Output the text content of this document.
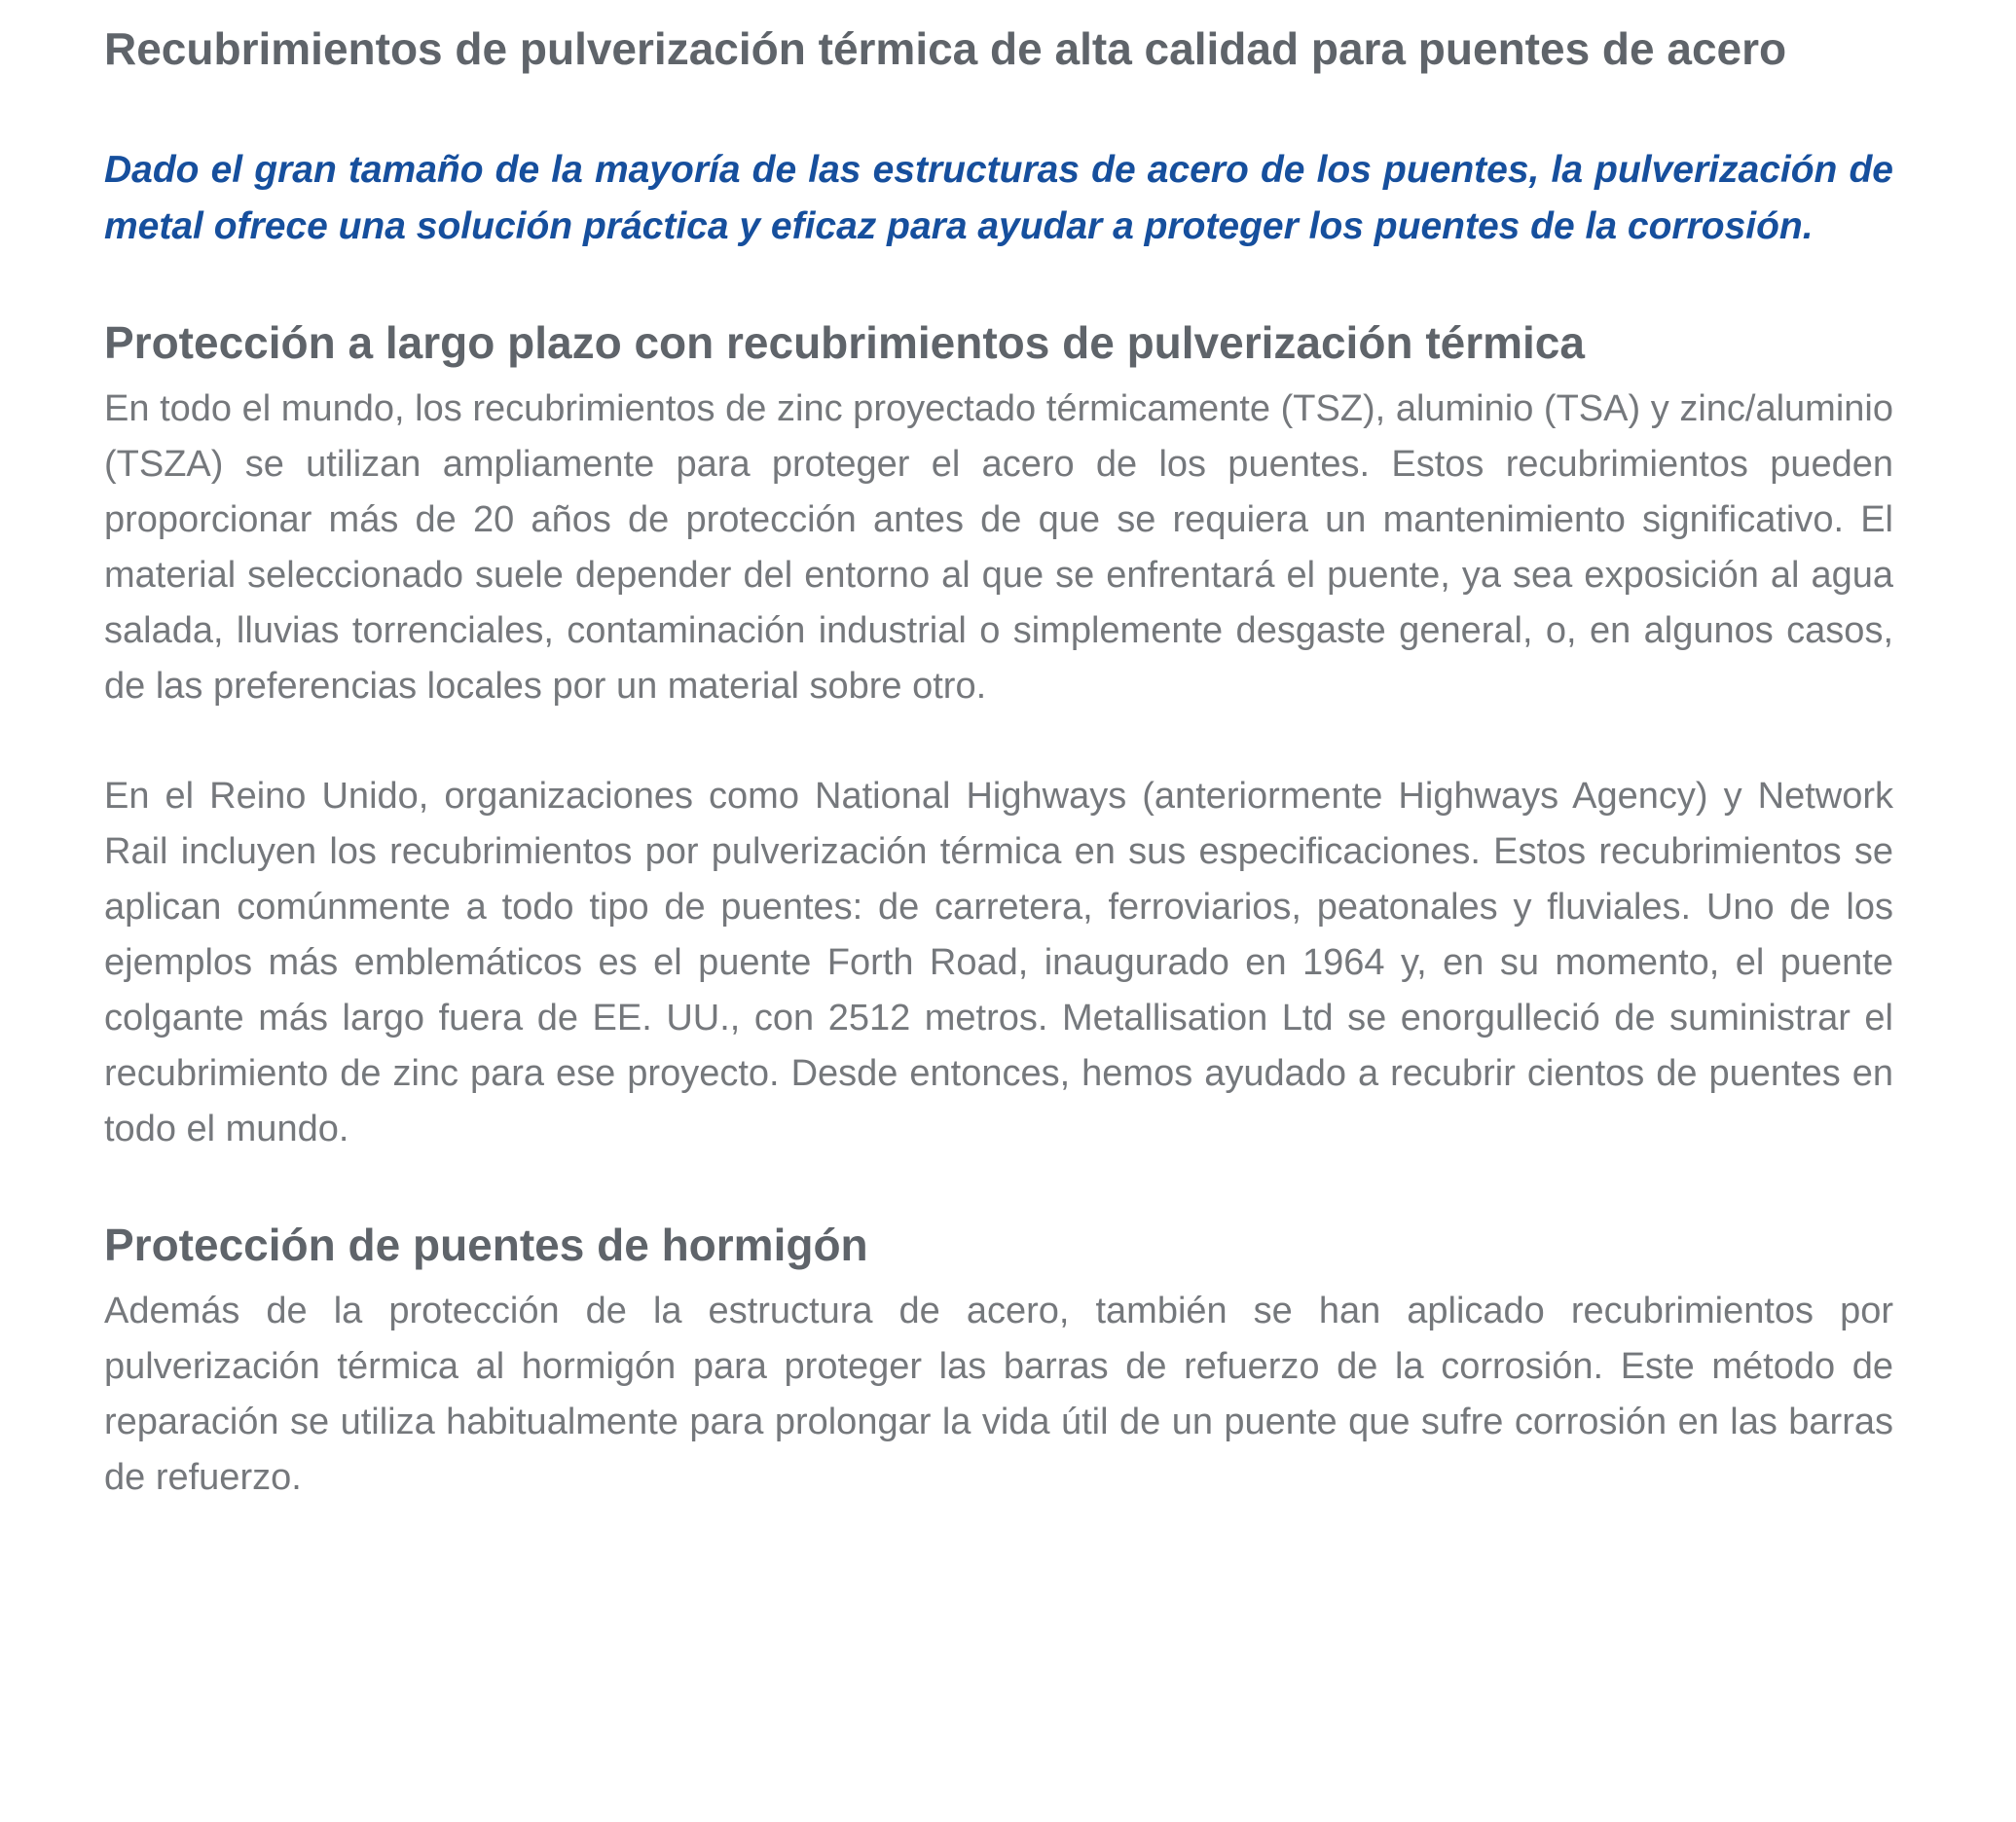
Recubrimientos de pulverización térmica de alta calidad para puentes de acero

Dado el gran tamaño de la mayoría de las estructuras de acero de los puentes, la pulverización de metal ofrece una solución práctica y eficaz para ayudar a proteger los puentes de la corrosión.

Protección a largo plazo con recubrimientos de pulverización térmica

En todo el mundo, los recubrimientos de zinc proyectado térmicamente (TSZ), aluminio (TSA) y zinc/aluminio (TSZA) se utilizan ampliamente para proteger el acero de los puentes. Estos recubrimientos pueden proporcionar más de 20 años de protección antes de que se requiera un mantenimiento significativo. El material seleccionado suele depender del entorno al que se enfrentará el puente, ya sea exposición al agua salada, lluvias torrenciales, contaminación industrial o simplemente desgaste general, o, en algunos casos, de las preferencias locales por un material sobre otro.

En el Reino Unido, organizaciones como National Highways (anteriormente Highways Agency) y Network Rail incluyen los recubrimientos por pulverización térmica en sus especificaciones. Estos recubrimientos se aplican comúnmente a todo tipo de puentes: de carretera, ferroviarios, peatonales y fluviales. Uno de los ejemplos más emblemáticos es el puente Forth Road, inaugurado en 1964 y, en su momento, el puente colgante más largo fuera de EE. UU., con 2512 metros. Metallisation Ltd se enorgulleció de suministrar el recubrimiento de zinc para ese proyecto. Desde entonces, hemos ayudado a recubrir cientos de puentes en todo el mundo.

Protección de puentes de hormigón

Además de la protección de la estructura de acero, también se han aplicado recubrimientos por pulverización térmica al hormigón para proteger las barras de refuerzo de la corrosión. Este método de reparación se utiliza habitualmente para prolongar la vida útil de un puente que sufre corrosión en las barras de refuerzo.
